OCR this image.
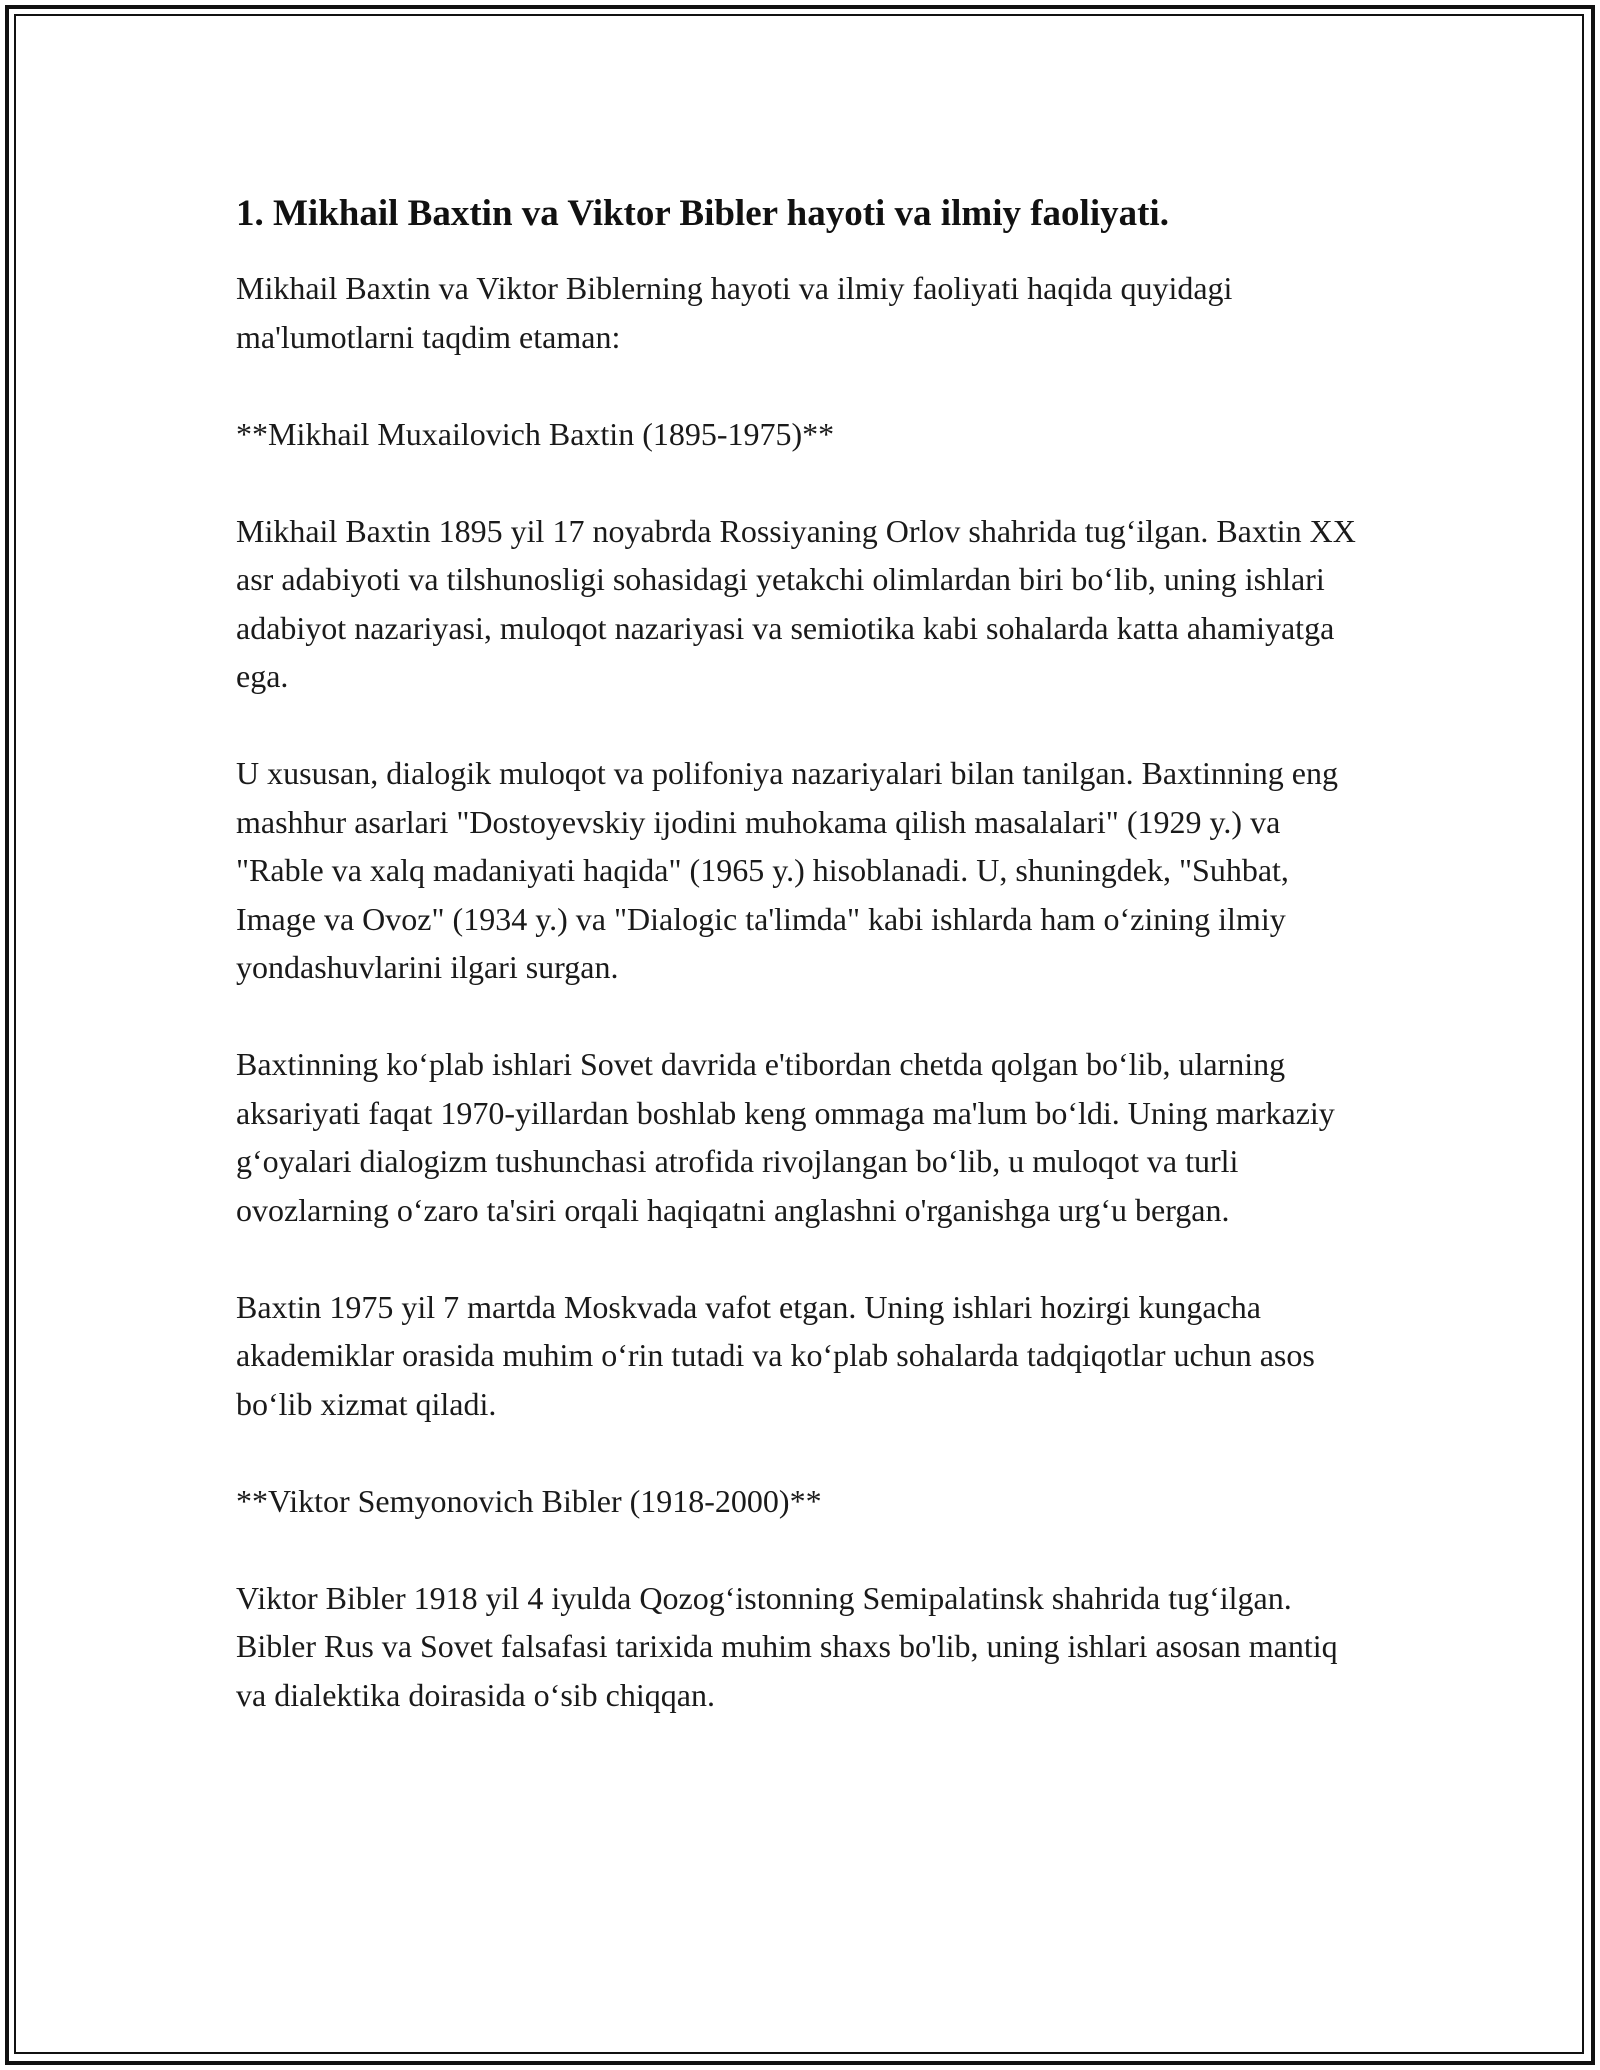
1. Mikhail Baxtin va Viktor Bibler hayoti va ilmiy faoliyati.

Mikhail Baxtin va Viktor Biblerning hayoti va ilmiy faoliyati haqida quyidagi ma'lumotlarni taqdim etaman:

**Mikhail Muxailovich Baxtin (1895-1975)**

Mikhail Baxtin 1895 yil 17 noyabrda Rossiyaning Orlov shahrida tug‘ilgan. Baxtin XX asr adabiyoti va tilshunosligi sohasidagi yetakchi olimlardan biri bo‘lib, uning ishlari adabiyot nazariyasi, muloqot nazariyasi va semiotika kabi sohalarda katta ahamiyatga ega.

U xususan, dialogik muloqot va polifoniya nazariyalari bilan tanilgan. Baxtinning eng mashhur asarlari "Dostoyevskiy ijodini muhokama qilish masalalari" (1929 y.) va "Rable va xalq madaniyati haqida" (1965 y.) hisoblanadi. U, shuningdek, "Suhbat, Image va Ovoz" (1934 y.) va "Dialogic ta'limda" kabi ishlarda ham o‘zining ilmiy yondashuvlarini ilgari surgan.

Baxtinning ko‘plab ishlari Sovet davrida e'tibordan chetda qolgan bo‘lib, ularning aksariyati faqat 1970-yillardan boshlab keng ommaga ma'lum bo‘ldi. Uning markaziy g‘oyalari dialogizm tushunchasi atrofida rivojlangan bo‘lib, u muloqot va turli ovozlarning o‘zaro ta'siri orqali haqiqatni anglashni o'rganishga urg‘u bergan.

Baxtin 1975 yil 7 martda Moskvada vafot etgan. Uning ishlari hozirgi kungacha akademiklar orasida muhim o‘rin tutadi va ko‘plab sohalarda tadqiqotlar uchun asos bo‘lib xizmat qiladi.

**Viktor Semyonovich Bibler (1918-2000)**

Viktor Bibler 1918 yil 4 iyulda Qozog‘istonning Semipalatinsk shahrida tug‘ilgan. Bibler Rus va Sovet falsafasi tarixida muhim shaxs bo'lib, uning ishlari asosan mantiq va dialektika doirasida o‘sib chiqqan.
